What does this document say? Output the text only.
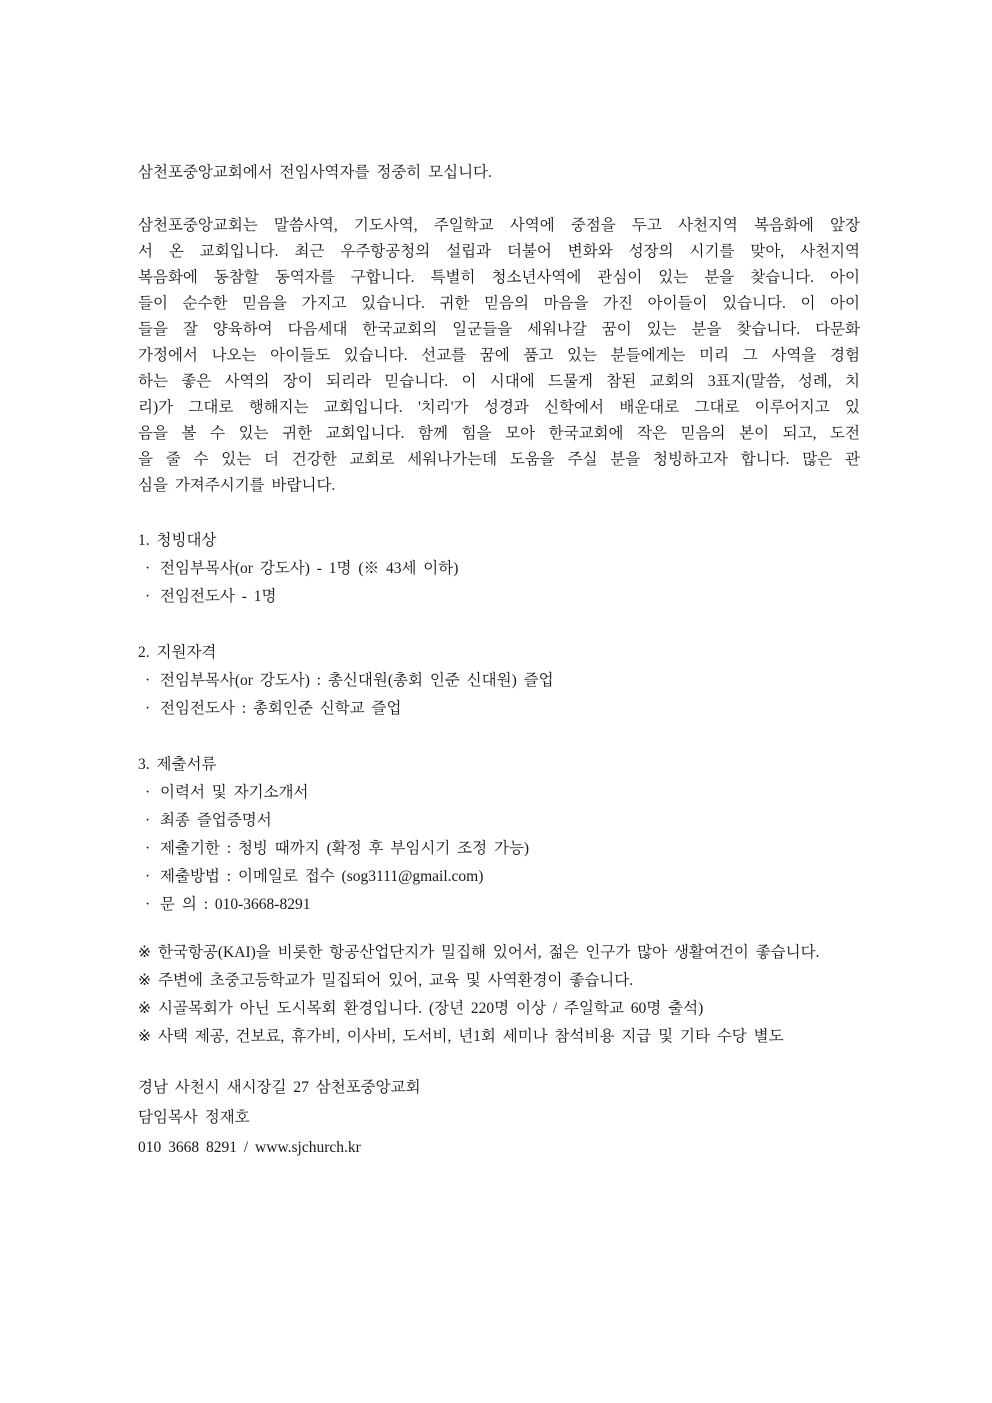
삼천포중앙교회에서 전임사역자를 정중히 모십니다.
삼천포중앙교회는 말씀사역, 기도사역, 주일학교 사역에 중점을 두고 사천지역 복음화에 앞장
서 온 교회입니다. 최근 우주항공청의 설립과 더불어 변화와 성장의 시기를 맞아, 사천지역
복음화에 동참할 동역자를 구합니다. 특별히 청소년사역에 관심이 있는 분을 찾습니다. 아이
들이 순수한 믿음을 가지고 있습니다. 귀한 믿음의 마음을 가진 아이들이 있습니다. 이 아이
들을 잘 양육하여 다음세대 한국교회의 일군들을 세워나갈 꿈이 있는 분을 찾습니다. 다문화
가정에서 나오는 아이들도 있습니다. 선교를 꿈에 품고 있는 분들에게는 미리 그 사역을 경험
하는 좋은 사역의 장이 되리라 믿습니다. 이 시대에 드물게 참된 교회의 3표지(말씀, 성례, 치
리)가 그대로 행해지는 교회입니다. '치리'가 성경과 신학에서 배운대로 그대로 이루어지고 있
음을 볼 수 있는 귀한 교회입니다. 함께 힘을 모아 한국교회에 작은 믿음의 본이 되고, 도전
을 줄 수 있는 더 건강한 교회로 세워나가는데 도움을 주실 분을 청빙하고자 합니다. 많은 관
심을 가져주시기를 바랍니다.
1. 청빙대상
· 전임부목사(or 강도사) - 1명 (※ 43세 이하)
· 전임전도사 - 1명
2. 지원자격
· 전임부목사(or 강도사) : 총신대원(총회 인준 신대원) 즐업
· 전임전도사 : 총회인준 신학교 즐업
3. 제출서류
· 이력서 및 자기소개서
· 최종 즐업증명서
· 제출기한 : 청빙 때까지 (확정 후 부임시기 조정 가능)
· 제출방법 : 이메일로 접수 (sog3111@gmail.com)
· 문 의 : 010-3668-8291
※ 한국항공(KAI)을 비롯한 항공산업단지가 밀집해 있어서, 젊은 인구가 많아 생활여건이 좋습니다.
※ 주변에 초중고등학교가 밀집되어 있어, 교육 및 사역환경이 좋습니다.
※ 시골목회가 아닌 도시목회 환경입니다. (장년 220명 이상 / 주일학교 60명 출석)
※ 사택 제공, 건보료, 휴가비, 이사비, 도서비, 년1회 세미나 참석비용 지급 및 기타 수당 별도
경남 사천시 새시장길 27 삼천포중앙교회
담임목사 정재호
010 3668 8291 / www.sjchurch.kr
